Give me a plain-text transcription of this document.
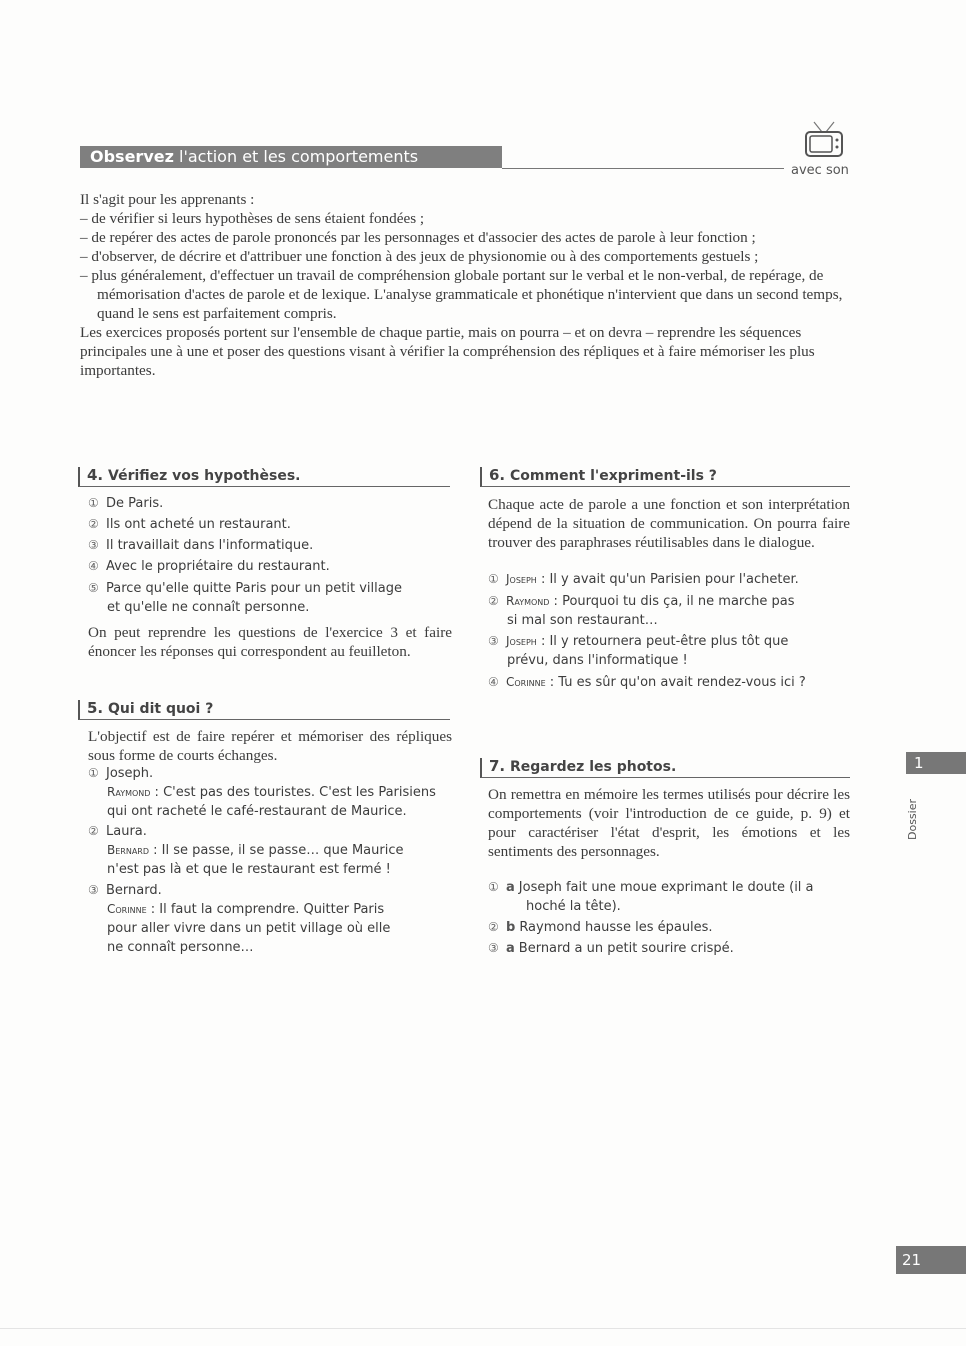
Observez l'action et les comportements
avec son

Il s'agit pour les apprenants :

– de vérifier si leurs hypothèses de sens étaient fondées ;
– de repérer des actes de parole prononcés par les personnages et d'associer des actes de parole à leur fonction ;
– d'observer, de décrire et d'attribuer une fonction à des jeux de physionomie ou à des comportements gestuels ;
– plus généralement, d'effectuer un travail de compréhension globale portant sur le verbal et le non-verbal, de repérage, de mémorisation d'actes de parole et de lexique. L'analyse grammaticale et phonétique n'intervient que dans un second temps, quand le sens est parfaitement compris.

Les exercices proposés portent sur l'ensemble de chaque partie, mais on pourra – et on devra – reprendre les séquences principales une à une et poser des questions visant à vérifier la compréhension des répliques et à faire mémoriser les plus importantes.

4. Vérifiez vos hypothèses.
① De Paris.
② Ils ont acheté un restaurant.
③ Il travaillait dans l'informatique.
④ Avec le propriétaire du restaurant.
⑤ Parce qu'elle quitte Paris pour un petit village
et qu'elle ne connaît personne.
On peut reprendre les questions de l'exercice 3 et faire énoncer les réponses qui correspondent au feuilleton.
5. Qui dit quoi ?
L'objectif est de faire repérer et mémoriser des répliques sous forme de courts échanges.
① Joseph.
Raymond : C'est pas des touristes. C'est les Parisiens
qui ont racheté le café-restaurant de Maurice.
② Laura.
Bernard : Il se passe, il se passe… que Maurice
n'est pas là et que le restaurant est fermé !
③ Bernard.
Corinne : Il faut la comprendre. Quitter Paris
pour aller vivre dans un petit village où elle
ne connaît personne…
6. Comment l'expriment-ils ?
Chaque acte de parole a une fonction et son interprétation dépend de la situation de communication. On pourra faire trouver des paraphrases réutilisables dans le dialogue.
① Joseph : Il y avait qu'un Parisien pour l'acheter.
② Raymond : Pourquoi tu dis ça, il ne marche pas
si mal son restaurant…
③ Joseph : Il y retournera peut-être plus tôt que
prévu, dans l'informatique !
④ Corinne : Tu es sûr qu'on avait rendez-vous ici ?
7. Regardez les photos.
On remettra en mémoire les termes utilisés pour décrire les comportements (voir l'introduction de ce guide, p. 9) et pour caractériser l'état d'esprit, les émotions et les sentiments des personnages.
① a Joseph fait une moue exprimant le doute (il a
hoché la tête).
② b Raymond hausse les épaules.
③ a Bernard a un petit sourire crispé.
1
Dossier
21
